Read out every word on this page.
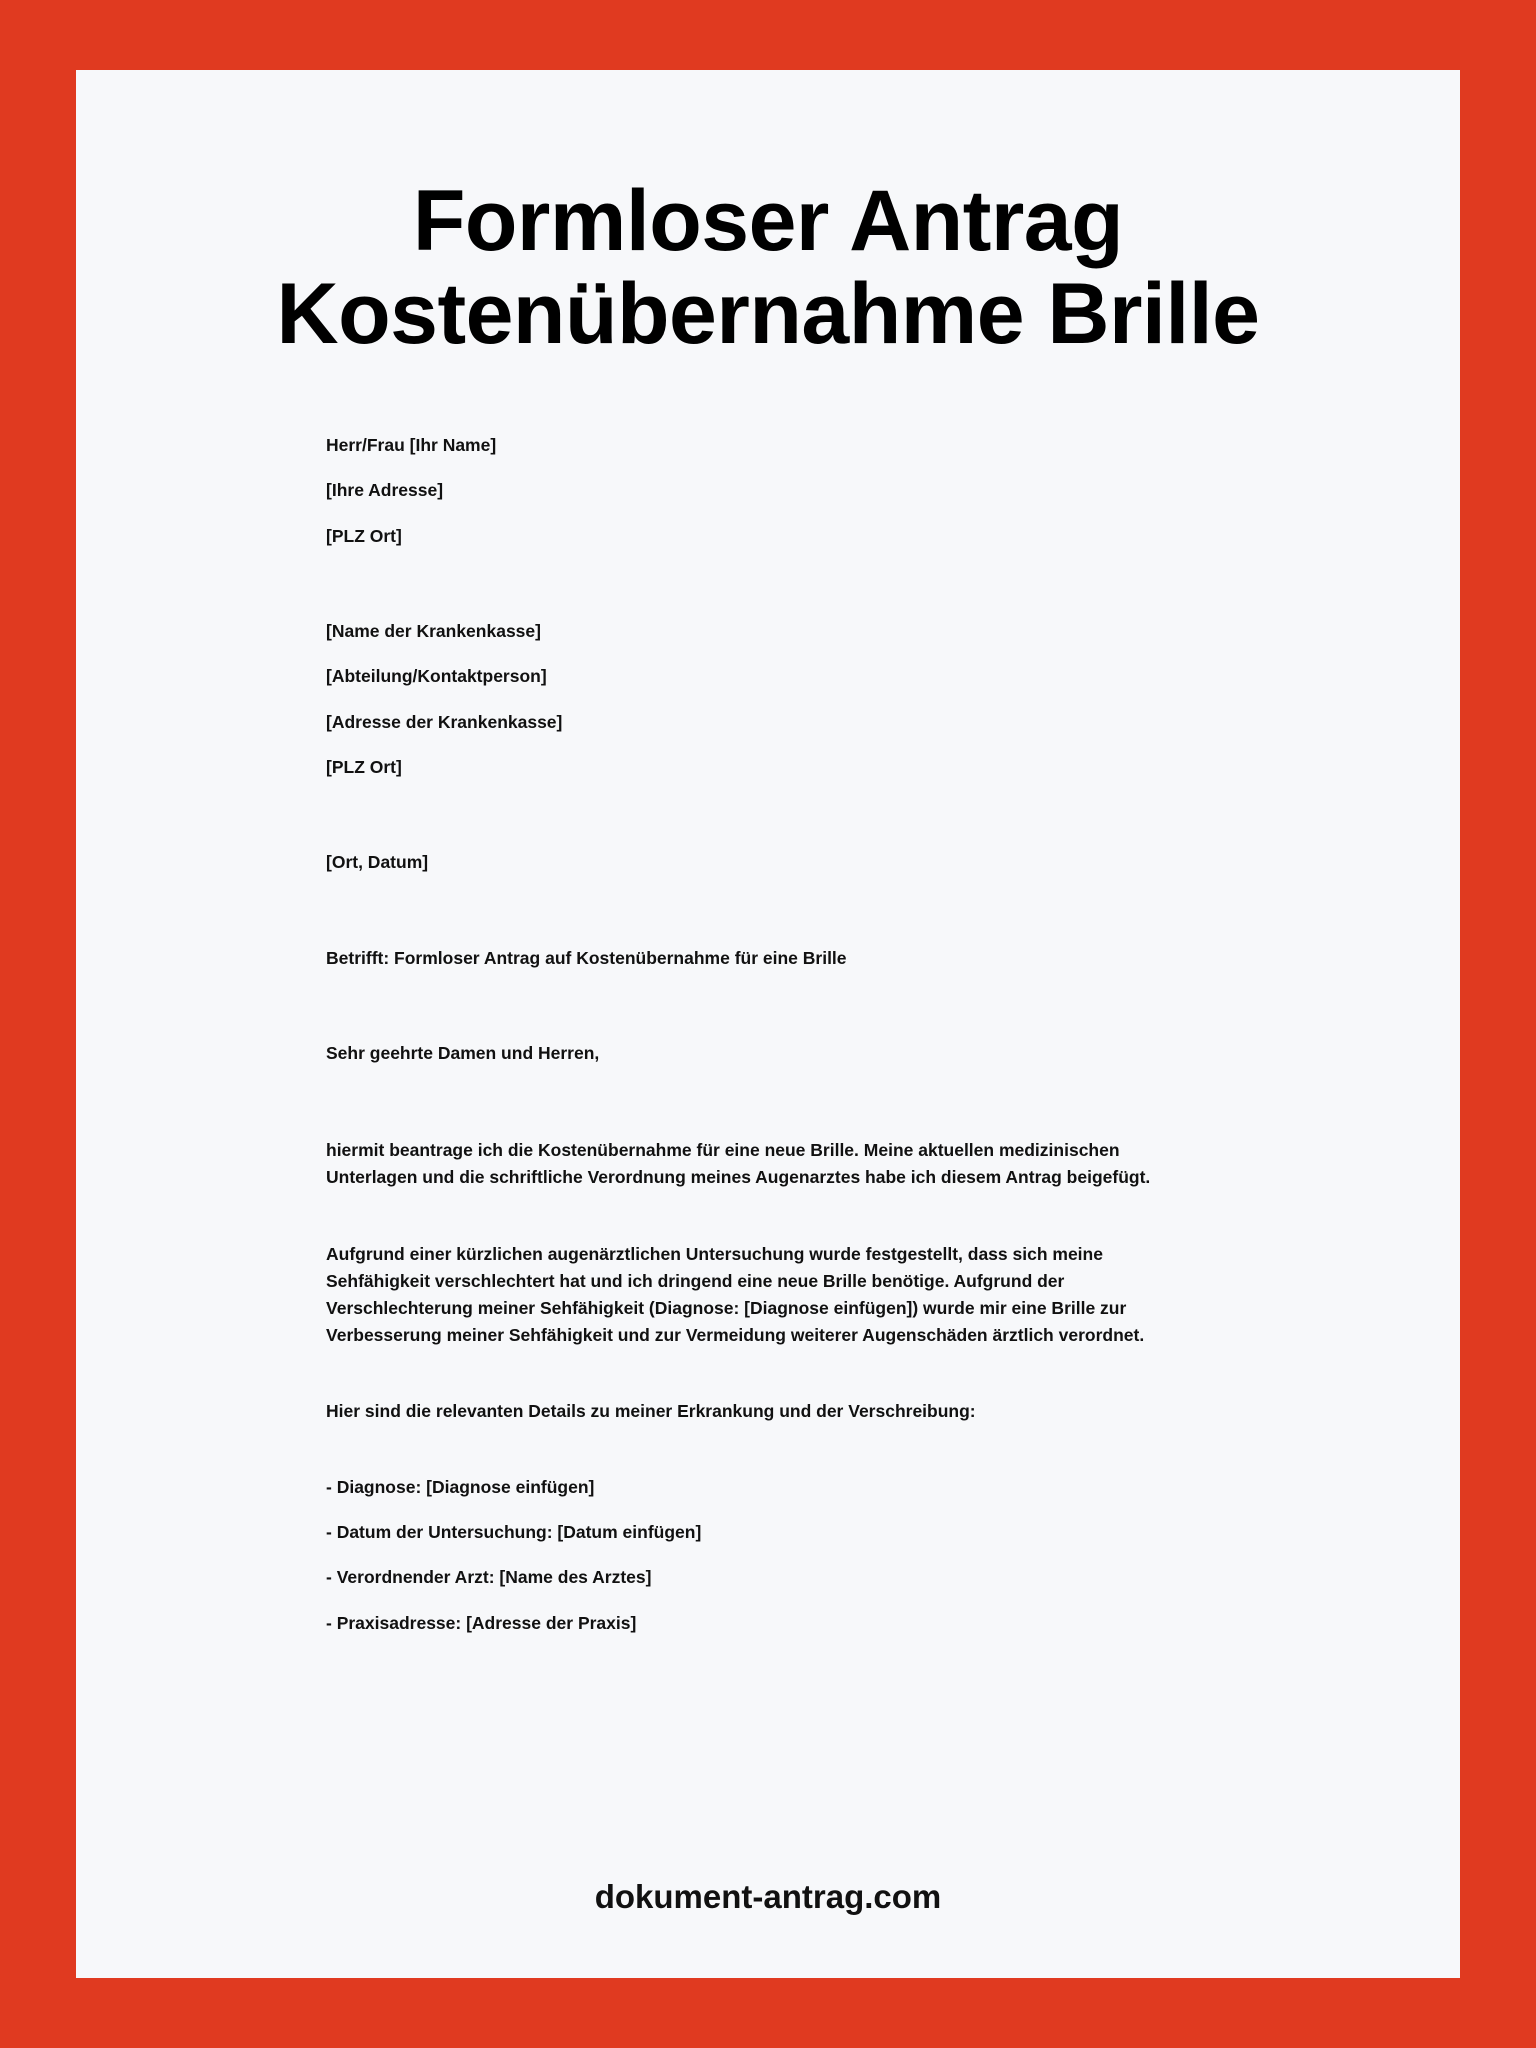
Formloser Antrag Kostenübernahme Brille

Herr/Frau [Ihr Name]

[Ihre Adresse]

[PLZ Ort]

[Name der Krankenkasse]

[Abteilung/Kontaktperson]

[Adresse der Krankenkasse]

[PLZ Ort]

[Ort, Datum]

Betrifft: Formloser Antrag auf Kostenübernahme für eine Brille

Sehr geehrte Damen und Herren,

hiermit beantrage ich die Kostenübernahme für eine neue Brille. Meine aktuellen medizinischen Unterlagen und die schriftliche Verordnung meines Augenarztes habe ich diesem Antrag beigefügt.

Aufgrund einer kürzlichen augenärztlichen Untersuchung wurde festgestellt, dass sich meine Sehfähigkeit verschlechtert hat und ich dringend eine neue Brille benötige. Aufgrund der Verschlechterung meiner Sehfähigkeit (Diagnose: [Diagnose einfügen]) wurde mir eine Brille zur Verbesserung meiner Sehfähigkeit und zur Vermeidung weiterer Augenschäden ärztlich verordnet.

Hier sind die relevanten Details zu meiner Erkrankung und der Verschreibung:

- Diagnose: [Diagnose einfügen]

- Datum der Untersuchung: [Datum einfügen]

- Verordnender Arzt: [Name des Arztes]

- Praxisadresse: [Adresse der Praxis]

dokument-antrag.com
